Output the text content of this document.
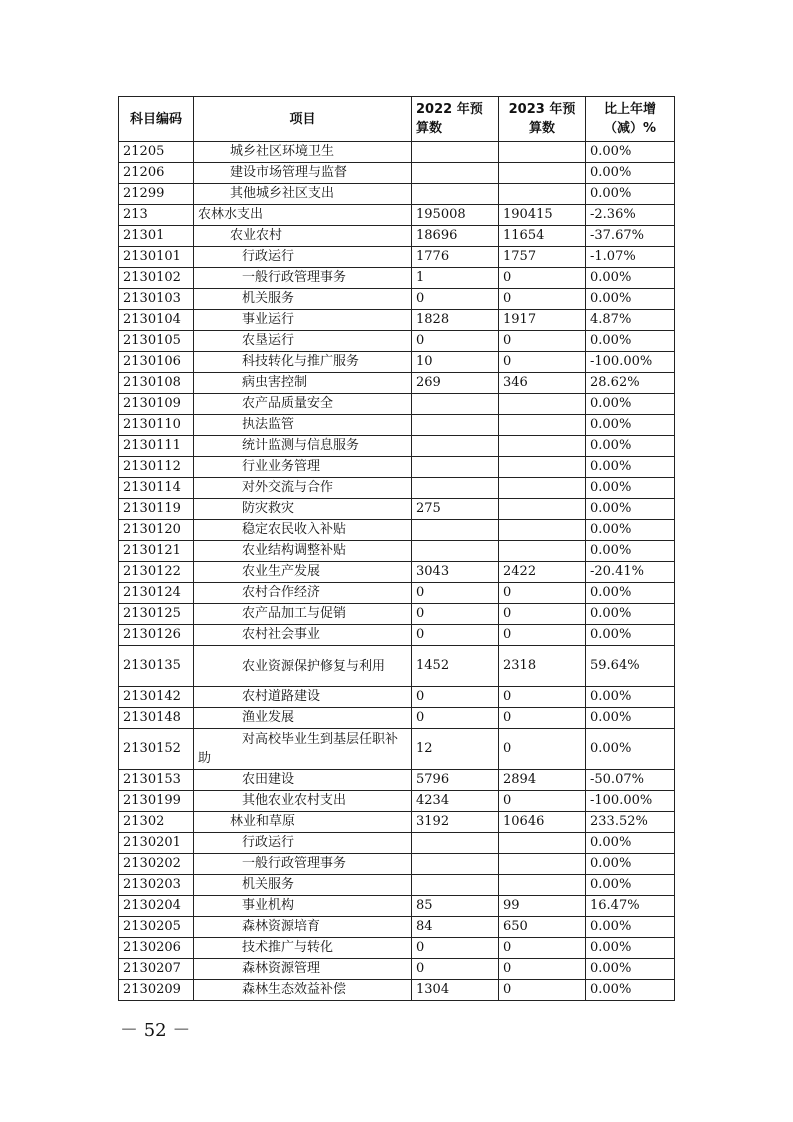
科目编码	项目	2022 年预算数	2023 年预算数	比上年增（减）%
21205	城乡社区环境卫生			0.00%
21206	建设市场管理与监督			0.00%
21299	其他城乡社区支出			0.00%
213	农林水支出	195008	190415	-2.36%
21301	农业农村	18696	11654	-37.67%
2130101	行政运行	1776	1757	-1.07%
2130102	一般行政管理事务	1	0	0.00%
2130103	机关服务	0	0	0.00%
2130104	事业运行	1828	1917	4.87%
2130105	农垦运行	0	0	0.00%
2130106	科技转化与推广服务	10	0	-100.00%
2130108	病虫害控制	269	346	28.62%
2130109	农产品质量安全			0.00%
2130110	执法监管			0.00%
2130111	统计监测与信息服务			0.00%
2130112	行业业务管理			0.00%
2130114	对外交流与合作			0.00%
2130119	防灾救灾	275		0.00%
2130120	稳定农民收入补贴			0.00%
2130121	农业结构调整补贴			0.00%
2130122	农业生产发展	3043	2422	-20.41%
2130124	农村合作经济	0	0	0.00%
2130125	农产品加工与促销	0	0	0.00%
2130126	农村社会事业	0	0	0.00%
2130135	农业资源保护修复与利用	1452	2318	59.64%
2130142	农村道路建设	0	0	0.00%
2130148	渔业发展	0	0	0.00%
2130152	对高校毕业生到基层任职补助	12	0	0.00%
2130153	农田建设	5796	2894	-50.07%
2130199	其他农业农村支出	4234	0	-100.00%
21302	林业和草原	3192	10646	233.52%
2130201	行政运行			0.00%
2130202	一般行政管理事务			0.00%
2130203	机关服务			0.00%
2130204	事业机构	85	99	16.47%
2130205	森林资源培育	84	650	0.00%
2130206	技术推广与转化	0	0	0.00%
2130207	森林资源管理	0	0	0.00%
2130209	森林生态效益补偿	1304	0	0.00%
－ 52 －
